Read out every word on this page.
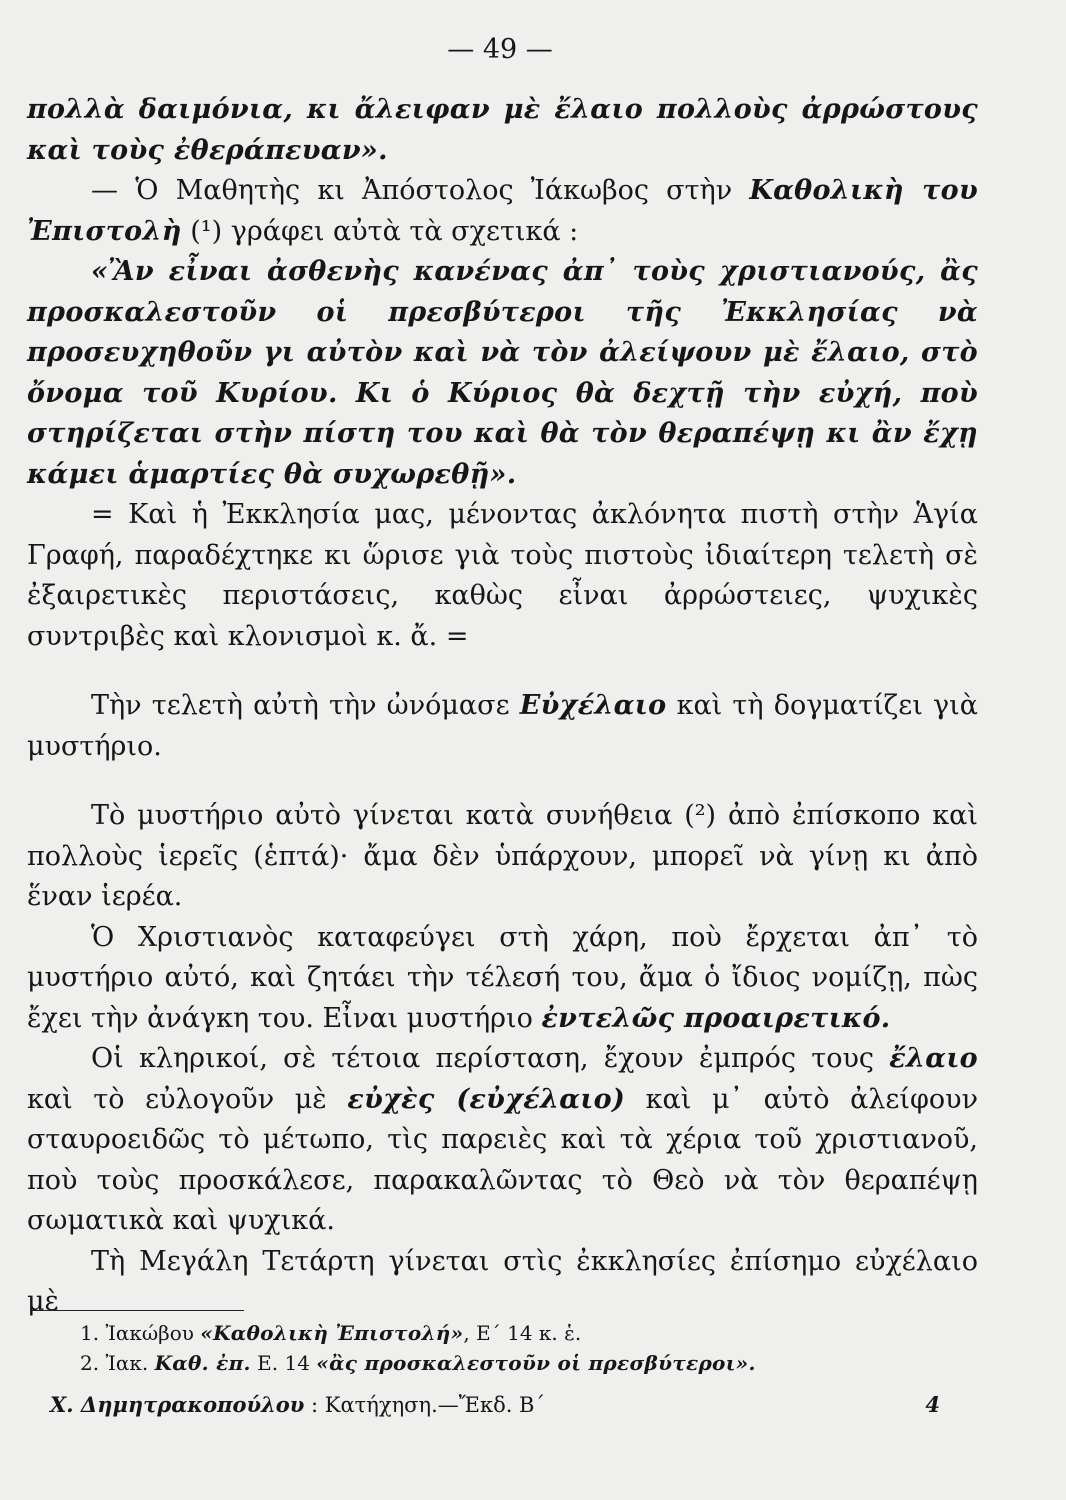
— 49 —

πολλὰ δαιμόνια, κι ἄλειφαν μὲ ἔλαιο πολλοὺς ἀρρώστους καὶ τοὺς ἐθεράπευαν».

— Ὁ Μαθητὴς κι Ἀπόστολος Ἰάκωβος στὴν Καθολικὴ του Ἐπιστολὴ (¹) γράφει αὐτὰ τὰ σχετικά :

«Ἂν εἶναι ἀσθενὴς κανένας ἀπ᾽ τοὺς χριστιανούς, ἂς προσκαλεστοῦν οἱ πρεσβύτεροι τῆς Ἐκκλησίας νὰ προσευχηθοῦν γι αὐτὸν καὶ νὰ τὸν ἀλείψουν μὲ ἔλαιο, στὸ ὄνομα τοῦ Κυρίου. Κι ὁ Κύριος θὰ δεχτῇ τὴν εὐχή, ποὺ στηρίζεται στὴν πίστη του καὶ θὰ τὸν θεραπέψῃ κι ἂν ἔχῃ κάμει ἁμαρτίες θὰ συχωρεθῇ».

= Καὶ ἡ Ἐκκλησία μας, μένοντας ἀκλόνητα πιστὴ στὴν Ἁγία Γραφή, παραδέχτηκε κι ὥρισε γιὰ τοὺς πιστοὺς ἰδιαίτερη τελετὴ σὲ ἐξαιρετικὲς περιστάσεις, καθὼς εἶναι ἀρρώστειες, ψυχικὲς συντριβὲς καὶ κλονισμοὶ κ. ἄ. =

Τὴν τελετὴ αὐτὴ τὴν ὠνόμασε Εὐχέλαιο καὶ τὴ δογματίζει γιὰ μυστήριο.

Τὸ μυστήριο αὐτὸ γίνεται κατὰ συνήθεια (²) ἀπὸ ἐπίσκοπο καὶ πολλοὺς ἱερεῖς (ἑπτά)· ἄμα δὲν ὑπάρχουν, μπορεῖ νὰ γίνῃ κι ἀπὸ ἕναν ἱερέα.

Ὁ Χριστιανὸς καταφεύγει στὴ χάρη, ποὺ ἔρχεται ἀπ᾽ τὸ μυστήριο αὐτό, καὶ ζητάει τὴν τέλεσή του, ἄμα ὁ ἴδιος νομίζῃ, πὼς ἔχει τὴν ἀνάγκη του. Εἶναι μυστήριο ἐντελῶς προαιρετικό.

Οἱ κληρικοί, σὲ τέτοια περίσταση, ἔχουν ἐμπρός τους ἔλαιο καὶ τὸ εὐλογοῦν μὲ εὐχὲς (εὐχέλαιο) καὶ μ᾽ αὐτὸ ἀλείφουν σταυροειδῶς τὸ μέτωπο, τὶς παρειὲς καὶ τὰ χέρια τοῦ χριστιανοῦ, ποὺ τοὺς προσκάλεσε, παρακαλῶντας τὸ Θεὸ νὰ τὸν θεραπέψῃ σωματικὰ καὶ ψυχικά.

Τὴ Μεγάλη Τετάρτη γίνεται στὶς ἐκκλησίες ἐπίσημο εὐχέλαιο μὲ

1. Ἰακώβου «Καθολικὴ Ἐπιστολή», Ε΄ 14 κ. ἑ.
2. Ἰακ. Καθ. ἐπ. Ε. 14 «ἂς προσκαλεστοῦν οἱ πρεσβύτεροι».
Χ. Δημητρακοπούλου : Κατήχηση.—Ἔκδ. Β΄	4
